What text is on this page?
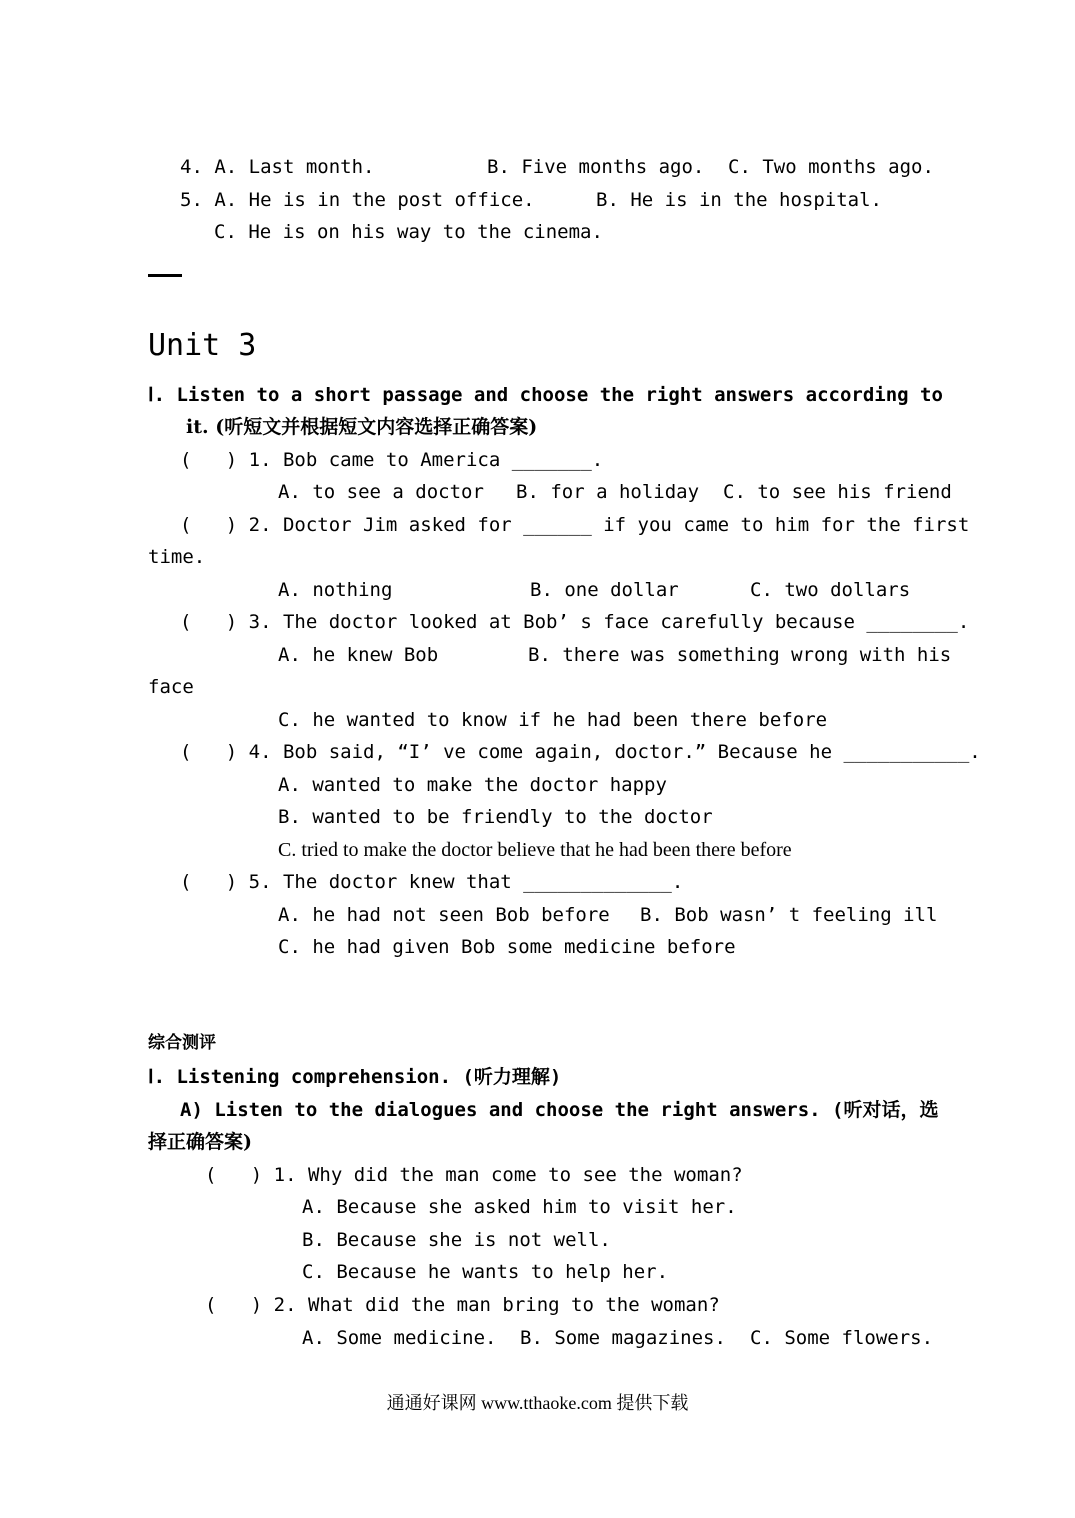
4. A. Last month.	B. Five months ago. C. Two months ago.
5. A. He is in the post office.	B. He is in the hospital.
C. He is on his way to the cinema.
Unit 3
Ⅰ. Listen to a short passage and choose the right answers according to
it. (听短文并根据短文内容选择正确答案)
(   ) 1. Bob came to America _______.
A. to see a doctor B. for a holiday C. to see his friend
(   ) 2. Doctor Jim asked for ______ if you came to him for the first
time.
A. nothing	B. one dollar	C. two dollars
(   ) 3. The doctor looked at Bob’ s face carefully because ________.
A. he knew Bob	B. there was something wrong with his
face
C. he wanted to know if he had been there before
(   ) 4. Bob said, “I’ ve come again, doctor.” Because he ___________.
A. wanted to make the doctor happy
B. wanted to be friendly to the doctor
C. tried to make the doctor believe that he had been there before
(   ) 5. The doctor knew that _____________.
A. he had not seen Bob before B. Bob wasn’ t feeling ill
C. he had given Bob some medicine before
综合测评
Ⅰ. Listening comprehension. (听力理解)
A) Listen to the dialogues and choose the right answers. (听对话，选
择正确答案)
(   ) 1. Why did the man come to see the woman?
A. Because she asked him to visit her.
B. Because she is not well.
C. Because he wants to help her.
(   ) 2. What did the man bring to the woman?
A. Some medicine. B. Some magazines. C. Some flowers.
通通好课网 www.tthaoke.com 提供下载
